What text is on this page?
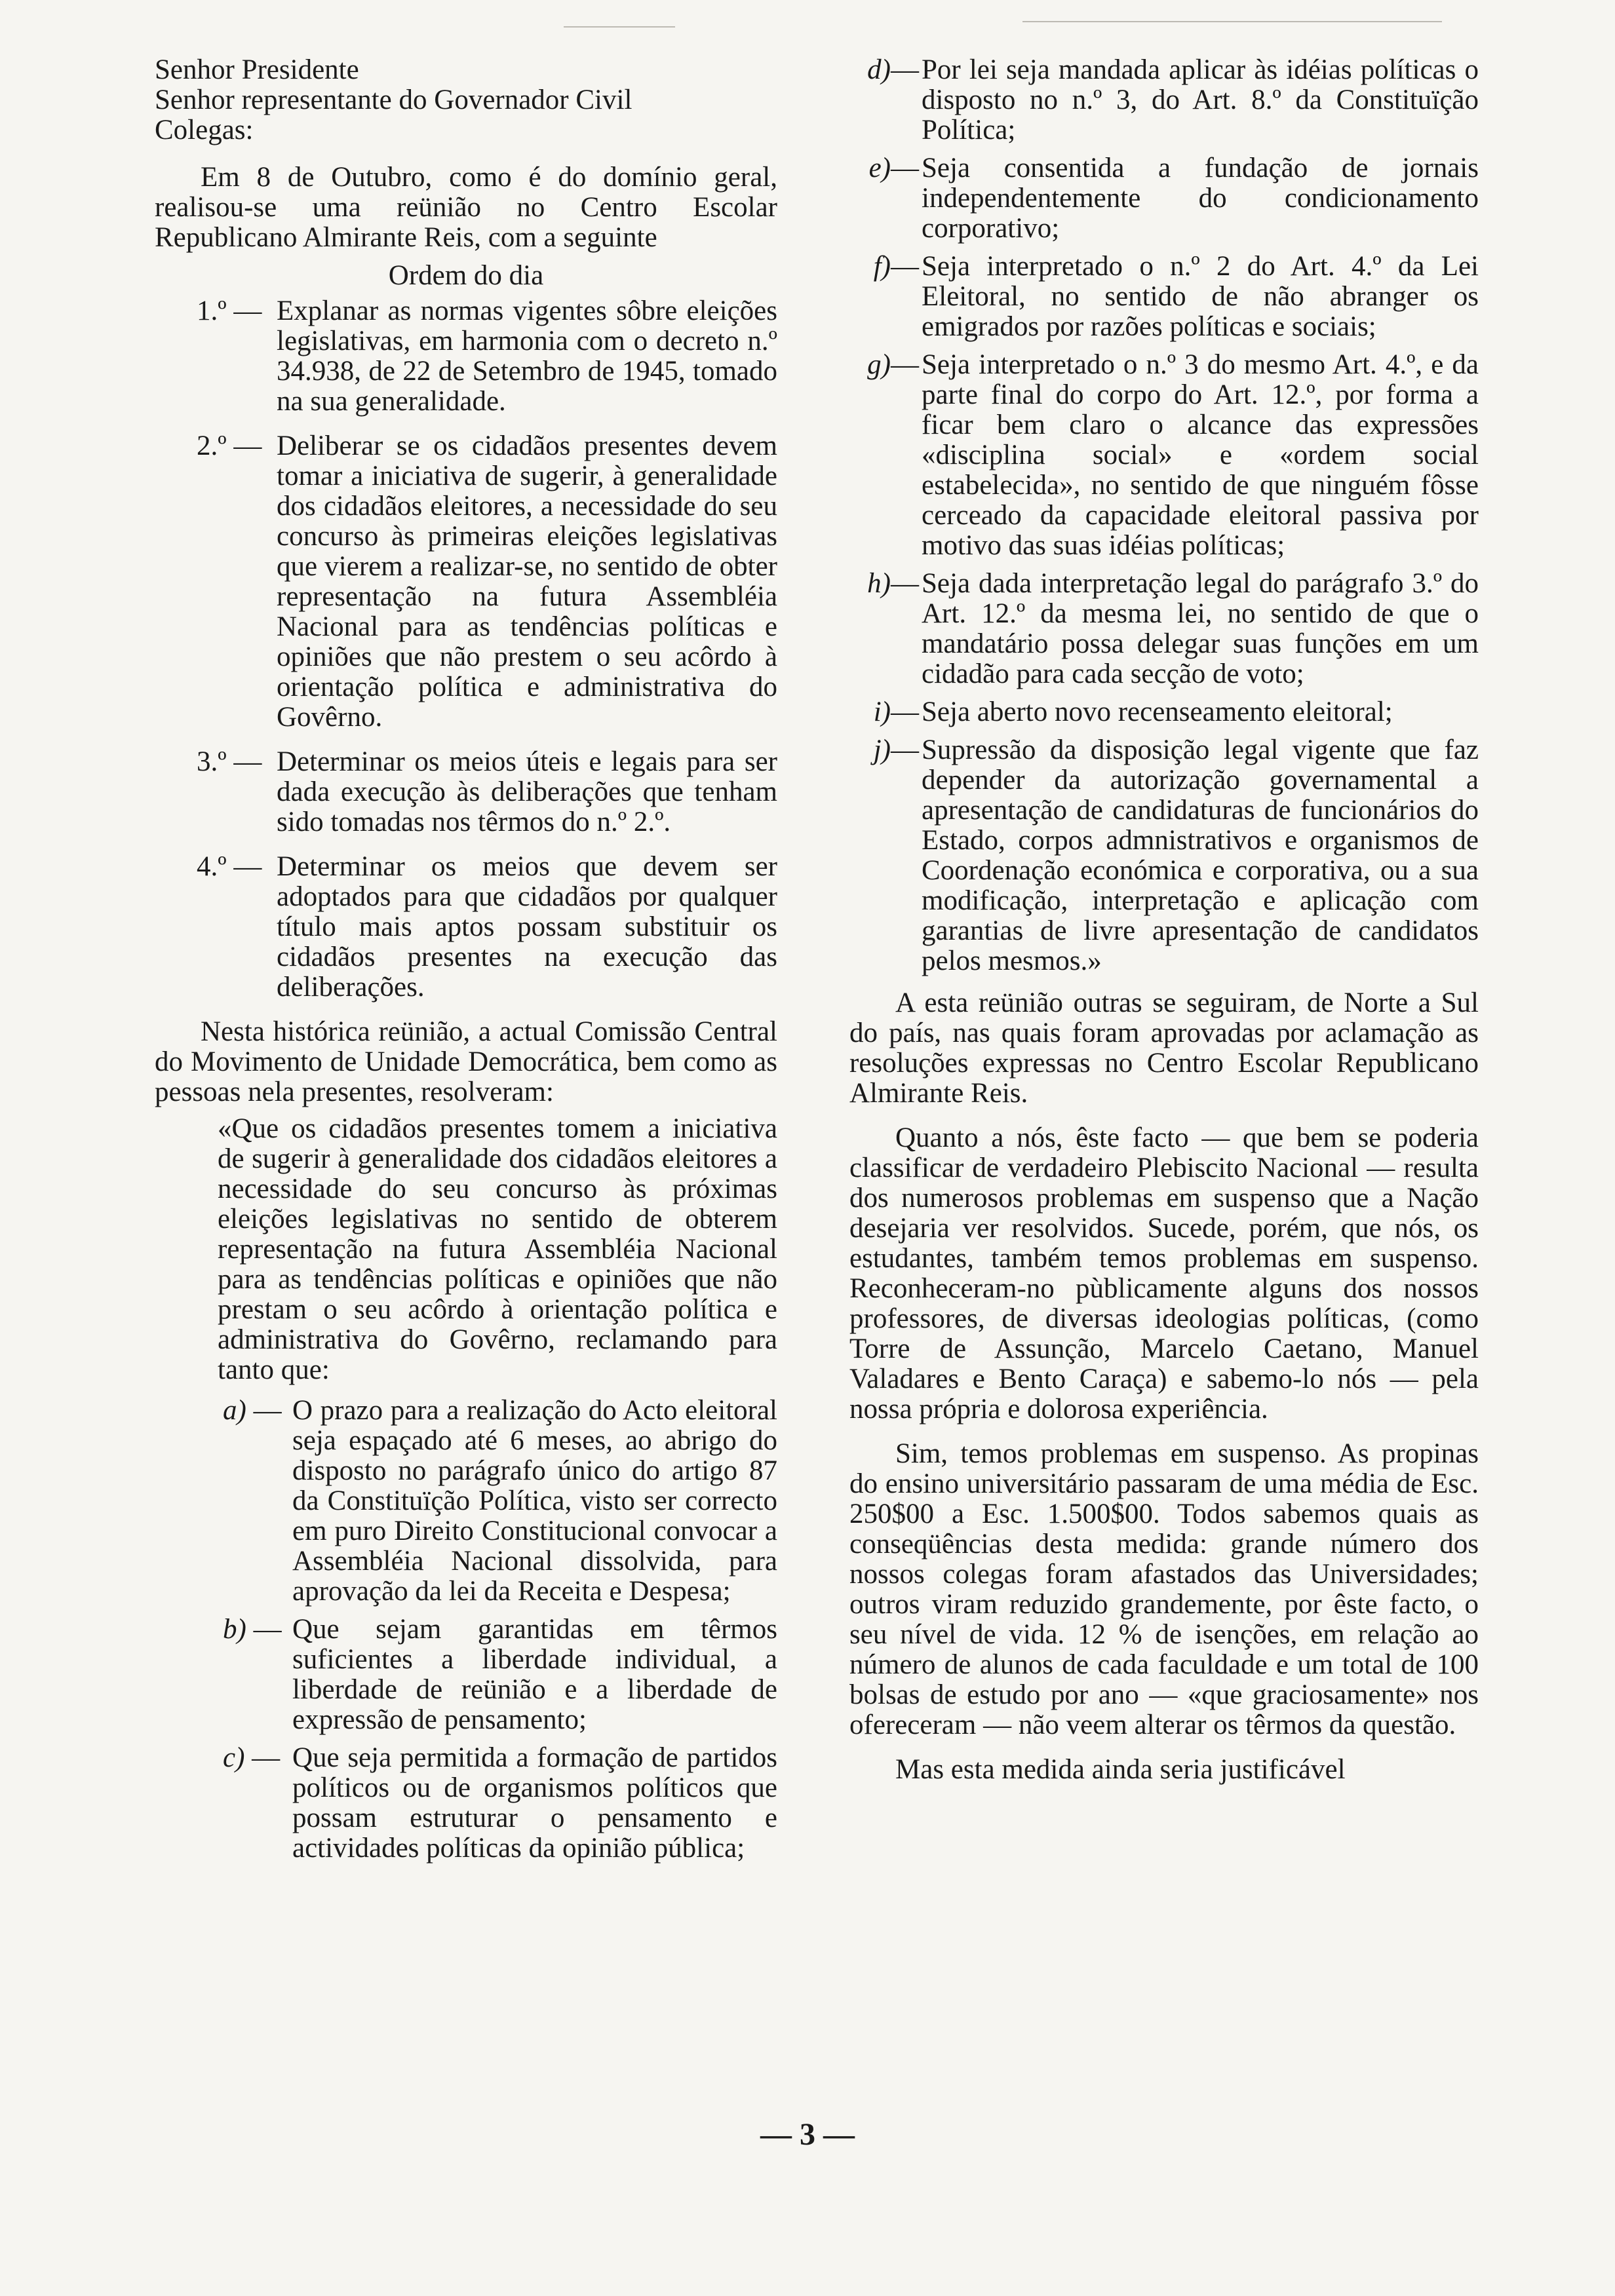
Senhor Presidente

Senhor representante do Governador Civil

Colegas:

Em 8 de Outubro, como é do domínio geral, realisou-se uma reünião no Centro Escolar Republicano Almirante Reis, com a seguinte

Ordem do dia

1.º — Explanar as normas vigentes sôbre eleições legislativas, em harmonia com o decreto n.º 34.938, de 22 de Setembro de 1945, tomado na sua generalidade.
2.º — Deliberar se os cidadãos presentes devem tomar a iniciativa de sugerir, à generalidade dos cidadãos eleitores, a necessidade do seu concurso às primeiras eleições legislativas que vierem a realizar-se, no sentido de obter representação na futura Assembléia Nacional para as tendências políticas e opiniões que não prestem o seu acôrdo à orientação política e administrativa do Govêrno.
3.º — Determinar os meios úteis e legais para ser dada execução às deliberações que tenham sido tomadas nos têrmos do n.º 2.º.
4.º — Determinar os meios que devem ser adoptados para que cidadãos por qualquer título mais aptos possam substituir os cidadãos presentes na execução das deliberações.

Nesta histórica reünião, a actual Comissão Central do Movimento de Unidade Democrática, bem como as pessoas nela presentes, resolveram:

«Que os cidadãos presentes tomem a iniciativa de sugerir à generalidade dos cidadãos eleitores a necessidade do seu concurso às próximas eleições legislativas no sentido de obterem representação na futura Assembléia Nacional para as tendências políticas e opiniões que não prestam o seu acôrdo à orientação política e administrativa do Govêrno, reclamando para tanto que:

a) — O prazo para a realização do Acto eleitoral seja espaçado até 6 meses, ao abrigo do disposto no parágrafo único do artigo 87 da Constituïção Política, visto ser correcto em puro Direito Constitucional convocar a Assembléia Nacional dissolvida, para aprovação da lei da Receita e Despesa;
b) — Que sejam garantidas em têrmos suficientes a liberdade individual, a liberdade de reünião e a liberdade de expressão de pensamento;
c) — Que seja permitida a formação de partidos políticos ou de organismos políticos que possam estruturar o pensamento e actividades políticas da opinião pública;
d)— Por lei seja mandada aplicar às idéias políticas o disposto no n.º 3, do Art. 8.º da Constituïção Política;
e)— Seja consentida a fundação de jornais independentemente do condicionamento corporativo;
f)— Seja interpretado o n.º 2 do Art. 4.º da Lei Eleitoral, no sentido de não abranger os emigrados por razões políticas e sociais;
g)— Seja interpretado o n.º 3 do mesmo Art. 4.º, e da parte final do corpo do Art. 12.º, por forma a ficar bem claro o alcance das expressões «disciplina social» e «ordem social estabelecida», no sentido de que ninguém fôsse cerceado da capacidade eleitoral passiva por motivo das suas idéias políticas;
h)— Seja dada interpretação legal do parágrafo 3.º do Art. 12.º da mesma lei, no sentido de que o mandatário possa delegar suas funções em um cidadão para cada secção de voto;
i)— Seja aberto novo recenseamento eleitoral;
j)— Supressão da disposição legal vigente que faz depender da autorização governamental a apresentação de candidaturas de funcionários do Estado, corpos admnistrativos e organismos de Coordenação económica e corporativa, ou a sua modificação, interpretação e aplicação com garantias de livre apresentação de candidatos pelos mesmos.»

A esta reünião outras se seguiram, de Norte a Sul do país, nas quais foram aprovadas por aclamação as resoluções expressas no Centro Escolar Republicano Almirante Reis.

Quanto a nós, êste facto — que bem se poderia classificar de verdadeiro Plebiscito Nacional — resulta dos numerosos problemas em suspenso que a Nação desejaria ver resolvidos. Sucede, porém, que nós, os estudantes, também temos problemas em suspenso. Reconheceram-no pùblicamente alguns dos nossos professores, de diversas ideologias políticas, (como Torre de Assunção, Marcelo Caetano, Manuel Valadares e Bento Caraça) e sabemo-lo nós — pela nossa própria e dolorosa experiência.

Sim, temos problemas em suspenso. As propinas do ensino universitário passaram de uma média de Esc. 250$00 a Esc. 1.500$00. Todos sabemos quais as conseqüências desta medida: grande número dos nossos colegas foram afastados das Universidades; outros viram reduzido grandemente, por êste facto, o seu nível de vida. 12 % de isenções, em relação ao número de alunos de cada faculdade e um total de 100 bolsas de estudo por ano — «que graciosamente» nos ofereceram — não veem alterar os têrmos da questão.

Mas esta medida ainda seria justificável

— 3 —
